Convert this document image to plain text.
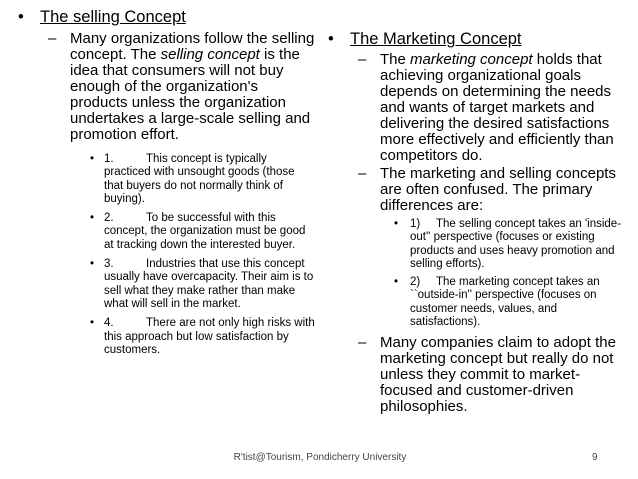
• The selling Concept
– Many organizations follow the selling concept. The selling concept is the idea that consumers will not buy enough of the organization's products unless the organization undertakes a large-scale selling and promotion effort.
• 1.	This concept is typically practiced with unsought goods (those that buyers do not normally think of buying).
• 2.	To be successful with this concept, the organization must be good at tracking down the interested buyer.
• 3.	Industries that use this concept usually have overcapacity. Their aim is to sell what they make rather than make what will sell in the market.
• 4.	There are not only high risks with this approach but low satisfaction by customers.
• The Marketing Concept
– The marketing concept holds that achieving organizational goals depends on determining the needs and wants of target markets and delivering the desired satisfactions more effectively and efficiently than competitors do.
– The marketing and selling concepts are often confused. The primary differences are:
• 1) The selling concept takes an 'inside-out'' perspective (focuses or existing products and uses heavy promotion and selling efforts).
• 2) The marketing concept takes an ``outside-in'' perspective (focuses on customer needs, values, and satisfactions).
– Many companies claim to adopt the marketing concept but really do not unless they commit to market-focused and customer-driven philosophies.
R'tist@Tourism, Pondicherry University	9
